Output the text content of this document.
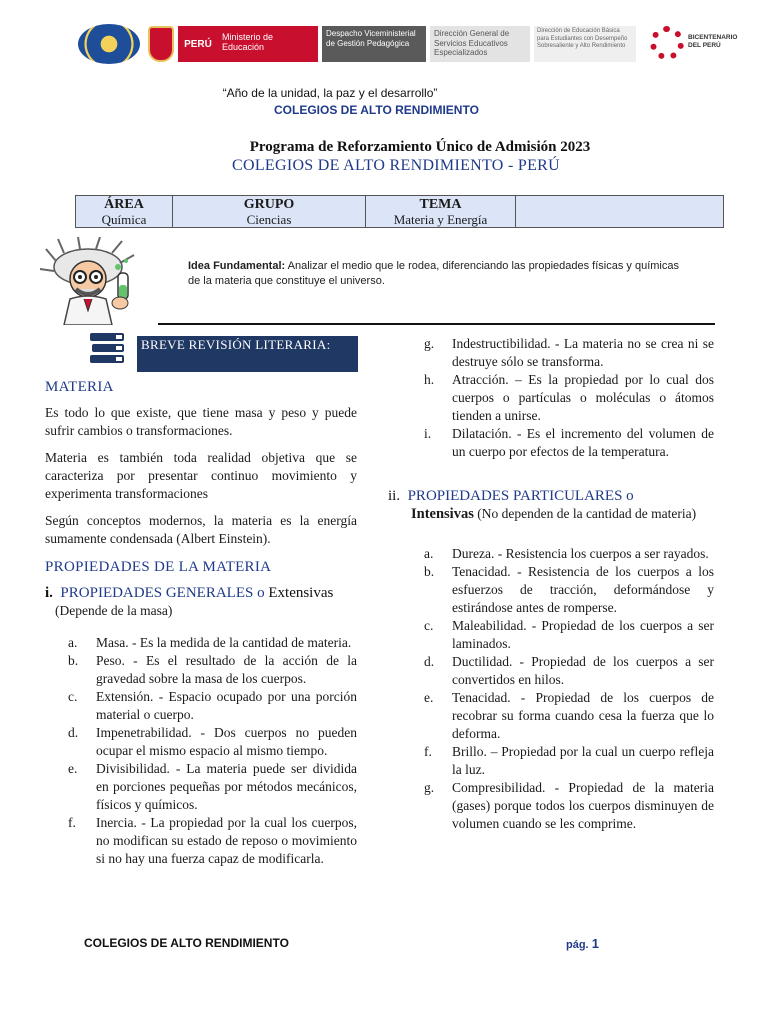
PERÚ
Ministerio de Educación
Despacho Viceministerial de Gestión Pedagógica
Dirección General de Servicios Educativos Especializados
Dirección de Educación Básica para Estudiantes con Desempeño Sobresaliente y Alto Rendimiento
BICENTENARIO DEL PERÚ
“Año de la unidad, la paz y el desarrollo”
COLEGIOS DE ALTO RENDIMIENTO
Programa de Reforzamiento Único de Admisión 2023
COLEGIOS DE ALTO RENDIMIENTO - PERÚ
ÁREA
Química
GRUPO
Ciencias
TEMA
Materia y Energía
Idea Fundamental: Analizar el medio que le rodea, diferenciando las propiedades físicas y químicas de la materia que constituye el universo.
BREVE REVISIÓN LITERARIA:
MATERIA

Es todo lo que existe, que tiene masa y peso y puede sufrir cambios o transformaciones.

Materia es también toda realidad objetiva que se caracteriza por presentar continuo movimiento y experimenta transformaciones

Según conceptos modernos, la materia es la energía sumamente condensada (Albert Einstein).

PROPIEDADES DE LA MATERIA
i. PROPIEDADES GENERALES o Extensivas
(Depende de la masa)
a. Masa. - Es la medida de la cantidad de materia.
b. Peso. - Es el resultado de la acción de la gravedad sobre la masa de los cuerpos.
c. Extensión. - Espacio ocupado por una porción material o cuerpo.
d. Impenetrabilidad. - Dos cuerpos no pueden ocupar el mismo espacio al mismo tiempo.
e. Divisibilidad. - La materia puede ser dividida en porciones pequeñas por métodos mecánicos, físicos y químicos.
f. Inercia. - La propiedad por la cual los cuerpos, no modifican su estado de reposo o movimiento si no hay una fuerza capaz de modificarla.
g. Indestructibilidad. - La materia no se crea ni se destruye sólo se transforma.
h. Atracción. – Es la propiedad por lo cual dos cuerpos o partículas o moléculas o átomos tienden a unirse.
i. Dilatación. - Es el incremento del volumen de un cuerpo por efectos de la temperatura.
ii. PROPIEDADES PARTICULARES o
Intensivas (No dependen de la cantidad de materia)
a. Dureza. - Resistencia los cuerpos a ser rayados.
b. Tenacidad. - Resistencia de los cuerpos a los esfuerzos de tracción, deformándose y estirándose antes de romperse.
c. Maleabilidad. - Propiedad de los cuerpos a ser laminados.
d. Ductilidad. - Propiedad de los cuerpos a ser convertidos en hilos.
e. Tenacidad. - Propiedad de los cuerpos de recobrar su forma cuando cesa la fuerza que lo deforma.
f. Brillo. – Propiedad por la cual un cuerpo refleja la luz.
g. Compresibilidad. - Propiedad de la materia (gases) porque todos los cuerpos disminuyen de volumen cuando se les comprime.
COLEGIOS DE ALTO RENDIMIENTO	pág. 1
